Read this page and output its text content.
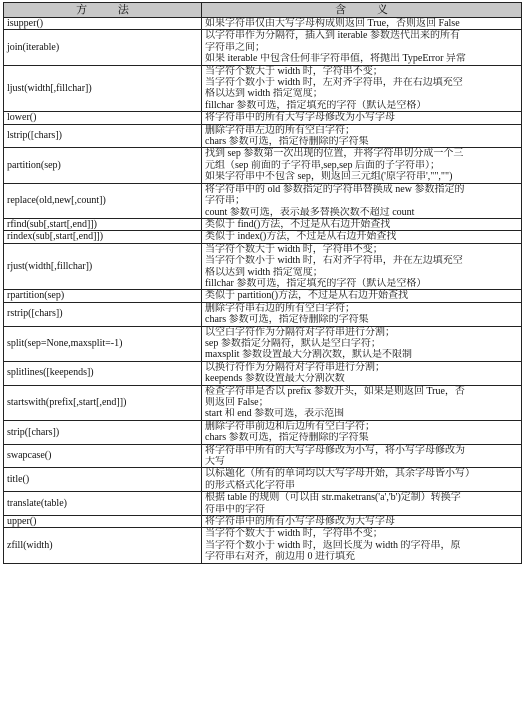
方 法	含 义
isupper()	如果字符串仅由大写字母构成则返回 True，否则返回 False

join(iterable)	以字符串作为分隔符，插入到 iterable 参数迭代出来的所有
字符串之间；
如果 iterable 中包含任何非字符串值，将抛出 TypeError 异常

ljust(width[,fillchar])	当字符个数大于 width 时，字符串不变；
当字符个数小于 width 时，左对齐字符串，并在右边填充空
格以达到 width 指定宽度；
fillchar 参数可选，指定填充的字符（默认是空格）

lower()	将字符串中的所有大写字母修改为小写字母

lstrip([chars])	删除字符串左边的所有空白字符；
chars 参数可选，指定待删除的字符集

partition(sep)	找到 sep 参数第一次出现的位置，并将字符串切分成一个三
元组（sep 前面的子字符串,sep,sep 后面的子字符串）；
如果字符串中不包含 sep，则返回三元组('原字符串',"","")

replace(old,new[,count])	将字符串中的 old 参数指定的字符串替换成 new 参数指定的
字符串；
count 参数可选，表示最多替换次数不超过 count

rfind(sub[,start[,end]])	类似于 find()方法，不过是从右边开始查找

rindex(sub[,start[,end]])	类似于 index()方法，不过是从右边开始查找

rjust(width[,fillchar])	当字符个数大于 width 时，字符串不变；
当字符个数小于 width 时，右对齐字符串，并在左边填充空
格以达到 width 指定宽度；
fillchar 参数可选，指定填充的字符（默认是空格）

rpartition(sep)	类似于 partition()方法，不过是从右边开始查找

rstrip([chars])	删除字符串右边的所有空白字符；
chars 参数可选，指定待删除的字符集

split(sep=None,maxsplit=-1)	以空白字符作为分隔符对字符串进行分割；
sep 参数指定分隔符，默认是空白字符；
maxsplit 参数设置最大分割次数，默认是不限制

splitlines([keepends])	以换行符作为分隔符对字符串进行分割；
keepends 参数设置最大分割次数

startswith(prefix[,start[,end]])	检查字符串是否以 prefix 参数开头，如果是则返回 True，否
则返回 False；
start 和 end 参数可选，表示范围

strip([chars])	删除字符串前边和后边所有空白字符；
chars 参数可选，指定待删除的字符集

swapcase()	将字符串中所有的大写字母修改为小写，将小写字母修改为
大写

title()	以标题化（所有的单词均以大写字母开始，其余字母皆小写）
的形式格式化字符串

translate(table)	根据 table 的规则（可以由 str.maketrans('a','b')定制）转换字
符串中的字符

upper()	将字符串中的所有小写字母修改为大写字母

zfill(width)	当字符个数大于 width 时，字符串不变；
当字符个数小于 width 时，返回长度为 width 的字符串，原
字符串右对齐，前边用 0 进行填充
